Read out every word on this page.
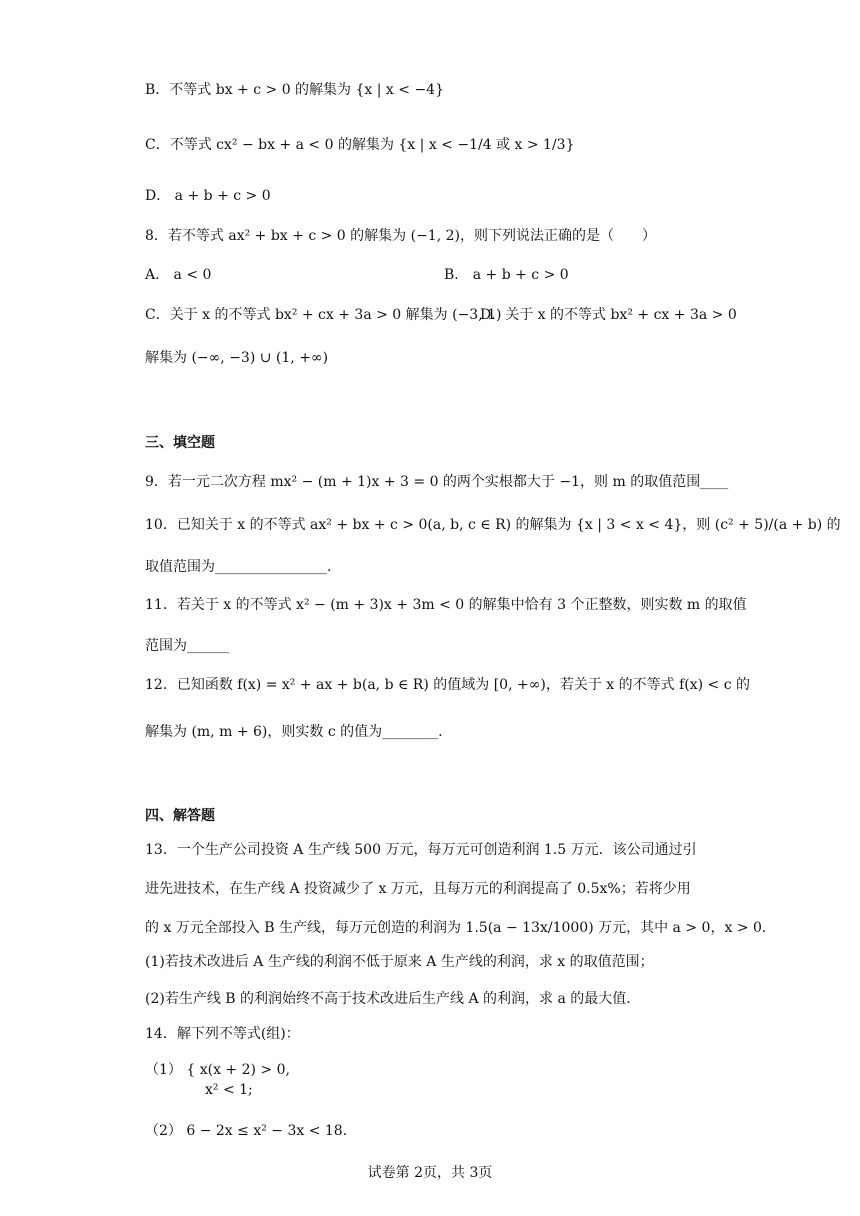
B．不等式 bx + c > 0 的解集为 {x | x < −4}
C．不等式 cx² − bx + a < 0 的解集为 {x | x < −1/4 或 x > 1/3}
D． a + b + c > 0
8．若不等式 ax² + bx + c > 0 的解集为 (−1, 2)，则下列说法正确的是（　　）
A． a < 0	B． a + b + c > 0
C．关于 x 的不等式 bx² + cx + 3a > 0 解集为 (−3, 1)
D．关于 x 的不等式 bx² + cx + 3a > 0
解集为 (−∞, −3) ∪ (1, +∞)
三、填空题
9．若一元二次方程 mx² − (m + 1)x + 3 = 0 的两个实根都大于 −1，则 m 的取值范围____
10．已知关于 x 的不等式 ax² + bx + c > 0(a, b, c ∈ R) 的解集为 {x | 3 < x < 4}，则 (c² + 5)/(a + b) 的
取值范围为________________.
11．若关于 x 的不等式 x² − (m + 3)x + 3m < 0 的解集中恰有 3 个正整数，则实数 m 的取值
范围为______
12．已知函数 f(x) = x² + ax + b(a, b ∈ R) 的值域为 [0, +∞)，若关于 x 的不等式 f(x) < c 的
解集为 (m, m + 6)，则实数 c 的值为________.
四、解答题
13．一个生产公司投资 A 生产线 500 万元，每万元可创造利润 1.5 万元．该公司通过引
进先进技术，在生产线 A 投资减少了 x 万元，且每万元的利润提高了 0.5x%；若将少用
的 x 万元全部投入 B 生产线，每万元创造的利润为 1.5(a − 13x/1000) 万元，其中 a > 0，x > 0．
(1)若技术改进后 A 生产线的利润不低于原来 A 生产线的利润，求 x 的取值范围；
(2)若生产线 B 的利润始终不高于技术改进后生产线 A 的利润，求 a 的最大值．
14．解下列不等式(组)：
（1） { x(x + 2) > 0,
x² < 1;
（2） 6 − 2x ≤ x² − 3x < 18．
试卷第 2页，共 3页
